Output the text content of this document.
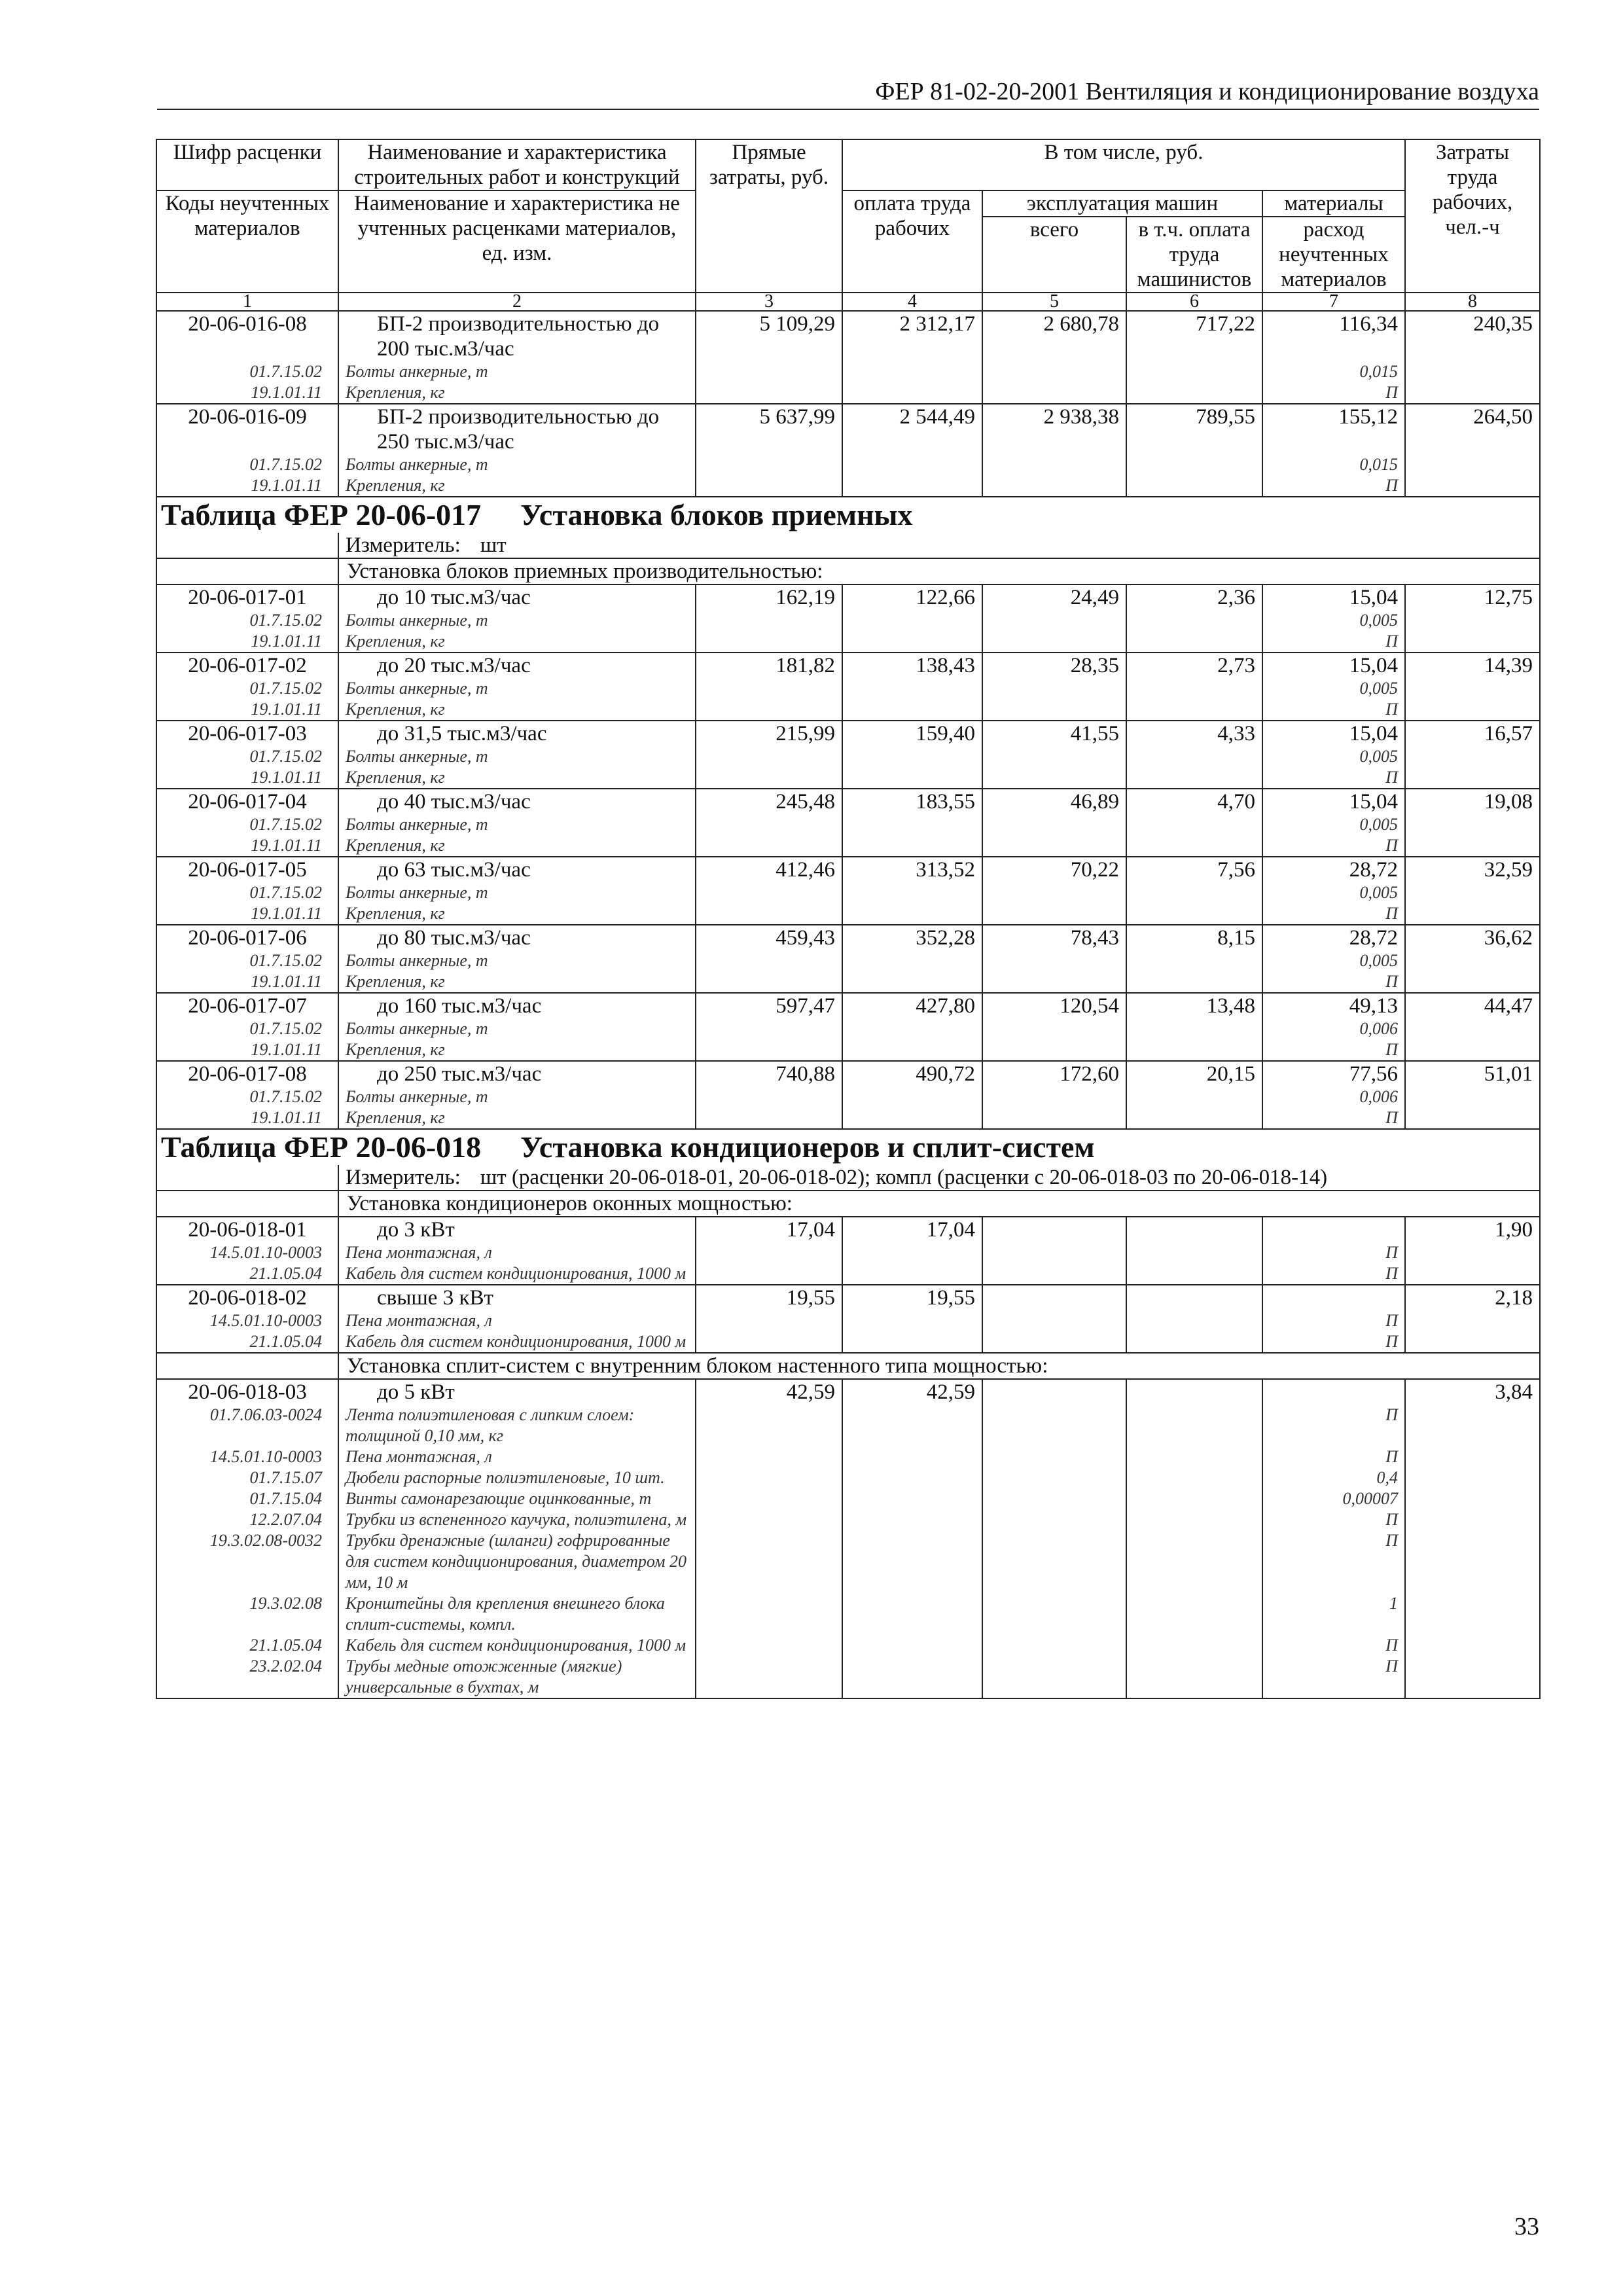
ФЕР 81-02-20-2001 Вентиляция и кондиционирование воздуха
Шифр расценки	Наименование и характеристика строительных работ и конструкций	Прямые затраты, руб.	В том числе, руб.				Затраты труда рабочих, чел.-ч

Коды неучтенных материалов	Наименование и характеристика не учтенных расценками материалов, ед. изм.		оплата труда рабочих	эксплуатация машин		материалы	
				всего	в т.ч. оплата труда машинистов	расход неучтенных материалов	
1	2	3	4	5	6	7	8
20-06-016-08	БП-2 производительностью до 200 тыс.м3/час	5 109,29	2 312,17	2 680,78	717,22	116,34	240,35
01.7.15.02	Болты анкерные, т					0,015	
19.1.01.11	Крепления, кг					П	
20-06-016-09	БП-2 производительностью до 250 тыс.м3/час	5 637,99	2 544,49	2 938,38	789,55	155,12	264,50
01.7.15.02	Болты анкерные, т					0,015	
19.1.01.11	Крепления, кг					П	
Таблица ФЕР 20-06-017 Установка блоков приемных							
	Измеритель: шт						
	Установка блоков приемных производительностью:						
20-06-017-01	до 10 тыс.м3/час	162,19	122,66	24,49	2,36	15,04	12,75
01.7.15.02	Болты анкерные, т					0,005	
19.1.01.11	Крепления, кг					П	
20-06-017-02	до 20 тыс.м3/час	181,82	138,43	28,35	2,73	15,04	14,39
01.7.15.02	Болты анкерные, т					0,005	
19.1.01.11	Крепления, кг					П	
20-06-017-03	до 31,5 тыс.м3/час	215,99	159,40	41,55	4,33	15,04	16,57
01.7.15.02	Болты анкерные, т					0,005	
19.1.01.11	Крепления, кг					П	
20-06-017-04	до 40 тыс.м3/час	245,48	183,55	46,89	4,70	15,04	19,08
01.7.15.02	Болты анкерные, т					0,005	
19.1.01.11	Крепления, кг					П	
20-06-017-05	до 63 тыс.м3/час	412,46	313,52	70,22	7,56	28,72	32,59
01.7.15.02	Болты анкерные, т					0,005	
19.1.01.11	Крепления, кг					П	
20-06-017-06	до 80 тыс.м3/час	459,43	352,28	78,43	8,15	28,72	36,62
01.7.15.02	Болты анкерные, т					0,005	
19.1.01.11	Крепления, кг					П	
20-06-017-07	до 160 тыс.м3/час	597,47	427,80	120,54	13,48	49,13	44,47
01.7.15.02	Болты анкерные, т					0,006	
19.1.01.11	Крепления, кг					П	
20-06-017-08	до 250 тыс.м3/час	740,88	490,72	172,60	20,15	77,56	51,01
01.7.15.02	Болты анкерные, т					0,006	
19.1.01.11	Крепления, кг					П	
Таблица ФЕР 20-06-018 Установка кондиционеров и сплит-систем							
	Измеритель: шт (расценки 20-06-018-01, 20-06-018-02); компл (расценки с 20-06-018-03 по 20-06-018-14)						
	Установка кондиционеров оконных мощностью:						
20-06-018-01	до 3 кВт	17,04	17,04				1,90
14.5.01.10-0003	Пена монтажная, л					П	
21.1.05.04	Кабель для систем кондиционирования, 1000 м					П	
20-06-018-02	свыше 3 кВт	19,55	19,55				2,18
14.5.01.10-0003	Пена монтажная, л					П	
21.1.05.04	Кабель для систем кондиционирования, 1000 м					П	
	Установка сплит-систем с внутренним блоком настенного типа мощностью:						
20-06-018-03	до 5 кВт	42,59	42,59				3,84
01.7.06.03-0024	Лента полиэтиленовая с липким слоем: толщиной 0,10 мм, кг					П	
14.5.01.10-0003	Пена монтажная, л					П	
01.7.15.07	Дюбели распорные полиэтиленовые, 10 шт.					0,4	
01.7.15.04	Винты самонарезающие оцинкованные, т					0,00007	
12.2.07.04	Трубки из вспененного каучука, полиэтилена, м					П	
19.3.02.08-0032	Трубки дренажные (шланги) гофрированные для систем кондиционирования, диаметром 20 мм, 10 м					П	
19.3.02.08	Кронштейны для крепления внешнего блока сплит-системы, компл.					1	
21.1.05.04	Кабель для систем кондиционирования, 1000 м					П	
23.2.02.04	Трубы медные отожженные (мягкие) универсальные в бухтах, м					П	
33
